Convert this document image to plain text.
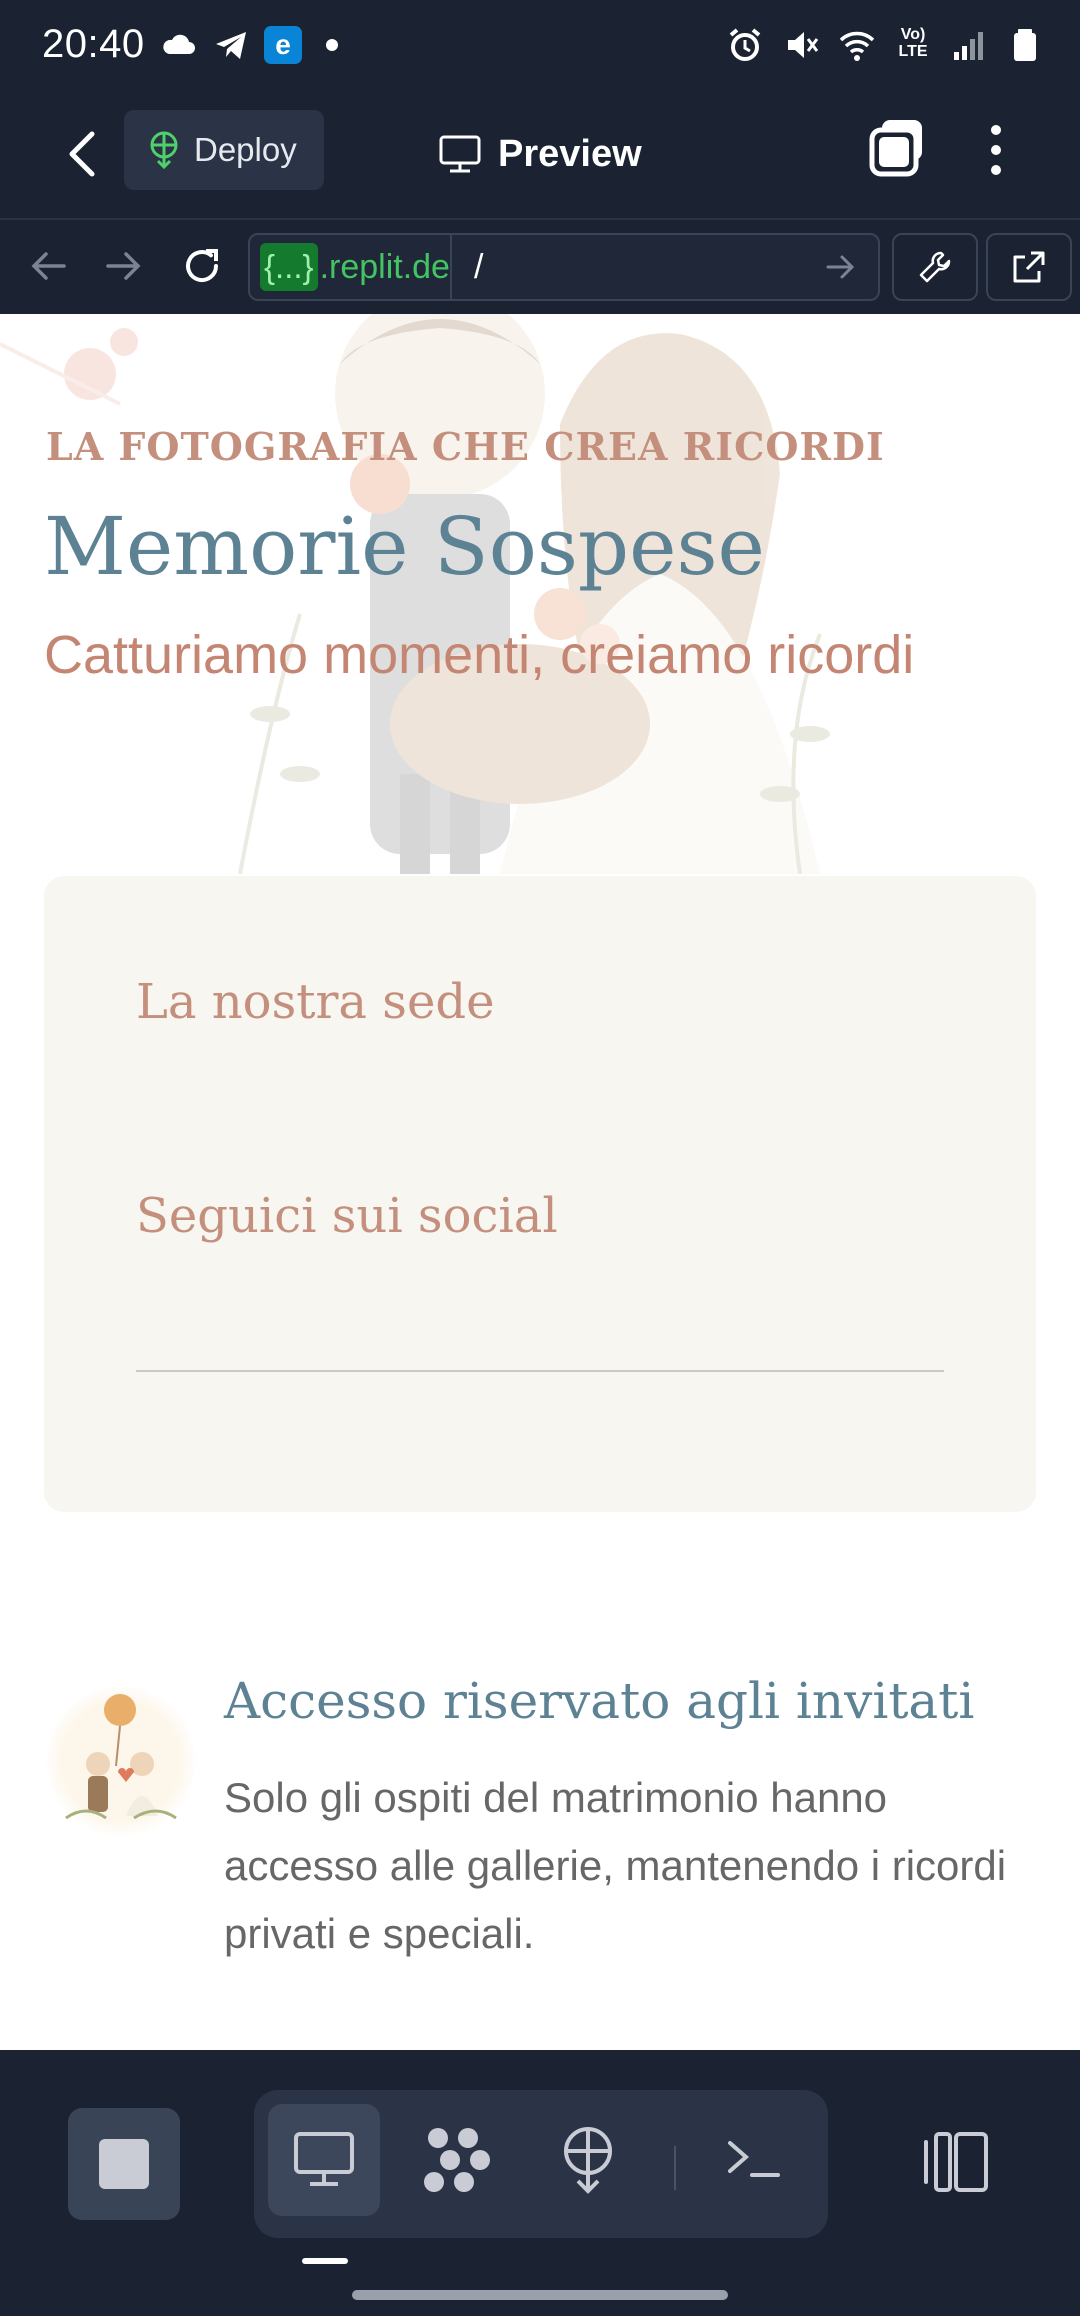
20:40	e	Vo) LTE
Deploy	Preview
{...} .replit.de /
LA FOTOGRAFIA CHE CREA RICORDI
Memorie Sospese
Catturiamo momenti, creiamo ricordi
La nostra sede
Seguici sui social
Accesso riservato agli invitati
Solo gli ospiti del matrimonio hanno accesso alle gallerie, mantenendo i ricordi privati e speciali.
